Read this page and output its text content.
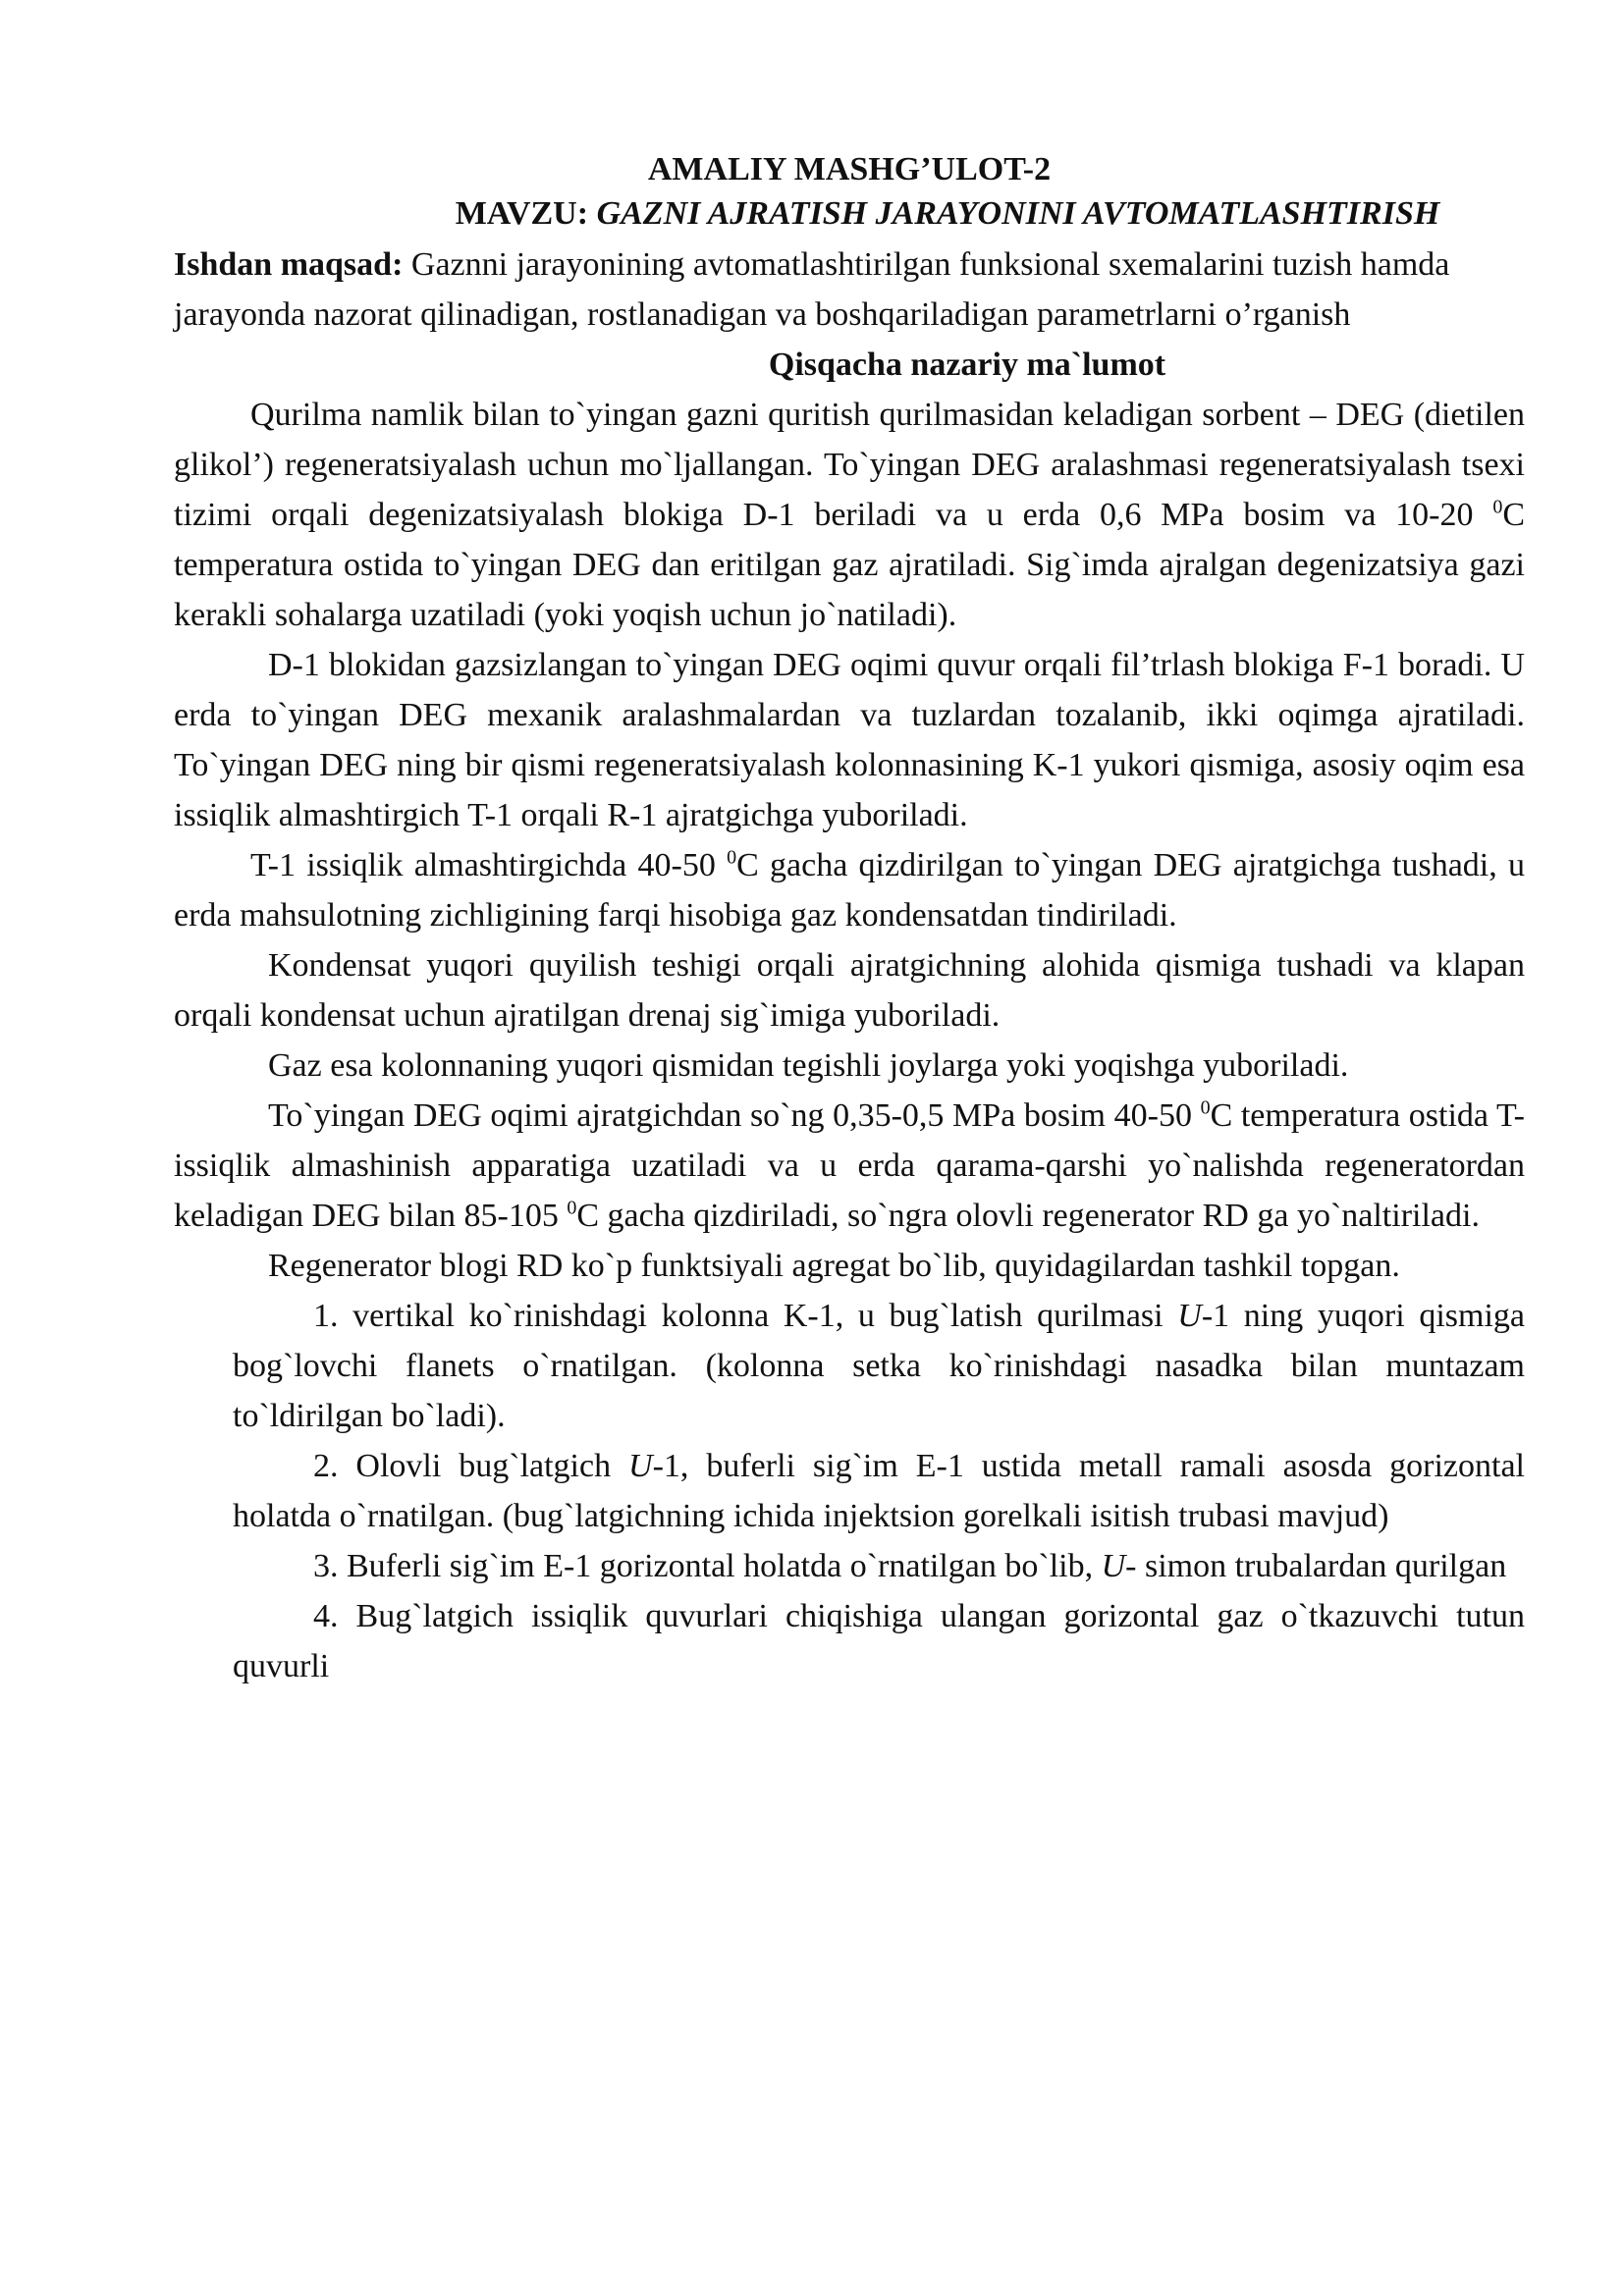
AMALIY MASHG’ULOT-2

MAVZU: GAZNI AJRATISH JARAYONINI AVTOMATLASHTIRISH

Ishdan maqsad: Gaznni jarayonining avtomatlashtirilgan funksional sxemalarini tuzish hamda jarayonda nazorat qilinadigan, rostlanadigan va boshqariladigan parametrlarni o’rganish

Qisqacha nazariy ma`lumot

Qurilma namlik bilan to`yingan gazni quritish qurilmasidan keladigan sorbent – DEG (dietilen glikol’) regeneratsiyalash uchun mo`ljallangan. To`yingan DEG aralashmasi regeneratsiyalash tsexi tizimi orqali degenizatsiyalash blokiga D-1 beriladi va u erda 0,6 MPa bosim va 10-20 $^0$C temperatura ostida to`yingan DEG dan eritilgan gaz ajratiladi. Sig`imda ajralgan degenizatsiya gazi kerakli sohalarga uzatiladi (yoki yoqish uchun jo`natiladi).

D-1 blokidan gazsizlangan to`yingan DEG oqimi quvur orqali fil’trlash blokiga F-1 boradi. U erda to`yingan DEG mexanik aralashmalardan va tuzlardan tozalanib, ikki oqimga ajratiladi. To`yingan DEG ning bir qismi regeneratsiyalash kolonnasining K-1 yukori qismiga, asosiy oqim esa issiqlik almashtirgich T-1 orqali R-1 ajratgichga yuboriladi.

T-1 issiqlik almashtirgichda 40-50 $^0$C gacha qizdirilgan to`yingan DEG ajratgichga tushadi, u erda mahsulotning zichligining farqi hisobiga gaz kondensatdan tindiriladi.

Kondensat yuqori quyilish teshigi orqali ajratgichning alohida qismiga tushadi va klapan orqali kondensat uchun ajratilgan drenaj sig`imiga yuboriladi.

Gaz esa kolonnaning yuqori qismidan tegishli joylarga yoki yoqishga yuboriladi.

To`yingan DEG oqimi ajratgichdan so`ng 0,35-0,5 MPa bosim 40-50 $^0$C temperatura ostida T- issiqlik almashinish apparatiga uzatiladi va u erda qarama-qarshi yo`nalishda regeneratordan keladigan DEG bilan 85-105 $^0$C gacha qizdiriladi, so`ngra olovli regenerator RD ga yo`naltiriladi.

Regenerator blogi RD ko`p funktsiyali agregat bo`lib, quyidagilardan tashkil topgan.

1. vertikal ko`rinishdagi kolonna K-1, u bug`latish qurilmasi U-1 ning yuqori qismiga bog`lovchi flanets o`rnatilgan. (kolonna setka ko`rinishdagi nasadka bilan muntazam to`ldirilgan bo`ladi).

2. Olovli bug`latgich U-1, buferli sig`im E-1 ustida metall ramali asosda gorizontal holatda o`rnatilgan. (bug`latgichning ichida injektsion gorelkali isitish trubasi mavjud)

3. Buferli sig`im E-1 gorizontal holatda o`rnatilgan bo`lib, U- simon trubalardan qurilgan

4. Bug`latgich issiqlik quvurlari chiqishiga ulangan gorizontal gaz o`tkazuvchi tutun quvurli
